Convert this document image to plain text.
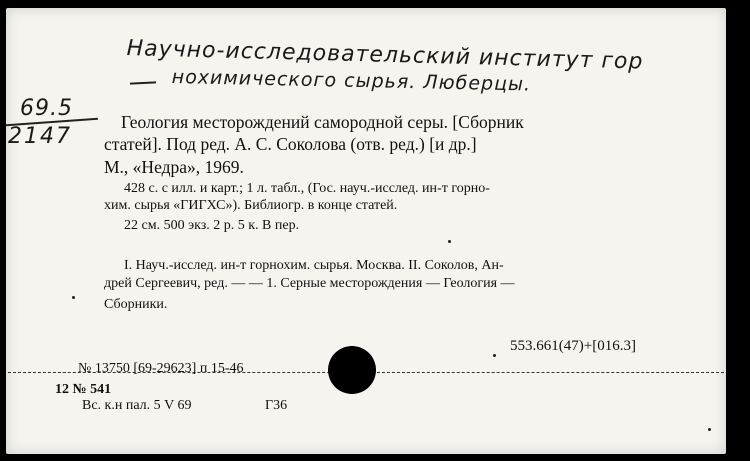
Научно-исследовательский институт гор
нохимического сырья. Люберцы.
69.5
2147
Геология месторождений самородной серы. [Сборник
статей]. Под ред. А. С. Соколова (отв. ред.) [и др.]
М., «Недра», 1969.
428 с. с илл. и карт.; 1 л. табл., (Гос. науч.-исслед. ин-т горно-
хим. сырья «ГИГХС»). Библиогр. в конце статей.
22 см. 500 экз. 2 р. 5 к. В пер.
I. Науч.-исслед. ин-т горнохим. сырья. Москва. II. Соколов, Ан-
дрей Сергеевич, ред. — — 1. Серные месторождения — Геология —
Сборники.
553.661(47)+[016.3]
№ 13750 [69-29623] п 15-46
12 № 541
Вс. к.н пал. 5 V 69	Г36
